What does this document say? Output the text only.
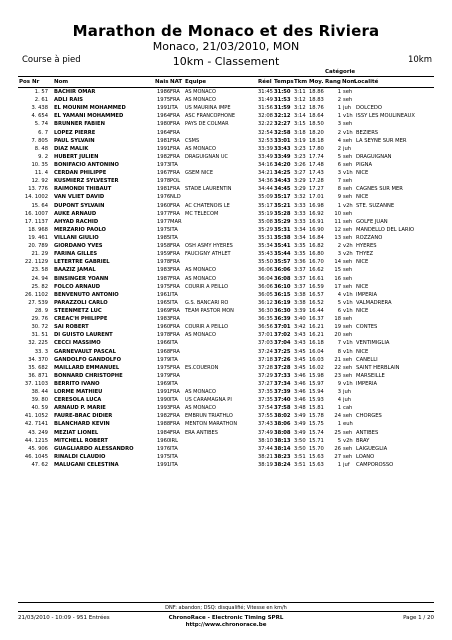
Marathon de Monaco et des Riviera
Monaco, 21/03/2010, MON
Course à pied	10km - Classement	10km
Catégorie
Pos Nr	Nom	Nais NAT Equipe	Réel Temps Tkm Moy. Rang Nom
Localité
1. 57 BACHIR OMAR	1986 FRA	AS MONACO	31:45 31:50 3:11 18.86	1 seh
2. 61 ADLI RAIS	1975 FRA	AS MONACO	31:49 31:53 3:12 18.83	2 seh
3. 438 EL MOUNIM MOHAMMED	1991 ITA	US MAURINA IMPE	31:56 31:59 3:12 18.76	1 juh DOLCEDO
4. 654 EL YAMANI MOHAMMED	1964 FRA	ASC FRANCOPHONE	32:08 32:12 3:14 18.64	1 v1h ISSY LES MOULINEAUX
5. 74 BRUNNER FABIEN	1980 FRA	PAYS DE COLMAR	32:22 32:27 3:15 18.50	3 seh
6. 7 LOPEZ PIERRE	1964 FRA	32:54 32:58 3:18 18.20	2 v1h BEZIERS
7. 805 PAUL SYLVAIN	1981 FRA	CSMS	32:53 33:01 3:19 18.18	4 seh LA SEYNE SUR MER
8. 48 DIAZ MALIK	1991 FRA	AS MONACO	33:39 33:43 3:23 17.80	2 juh
9. 2 HUBERT JULIEN	1982 FRA	DRAGUIGNAN UC	33:49 33:49 3:23 17.74	5 seh DRAGUIGNAN
10. 35 BONIFACIO ANTONINO	1973 ITA	34:16 34:20 3:26 17.48	6 seh PIGNA
11. 4 CERDAN PHILIPPE	1967 FRA	GSEM NICE	34:21 34:25 3:27 17.43	3 v1h NICE
12. 92 KUSMIERZ SYLVESTER	1978 POL	34:36 34:43 3:29 17.28	7 seh
13. 776 RAIMONDI THIBAUT	1981 FRA	STADE LAURENTIN	34:44 34:45 3:29 17.27	8 seh CAGNES SUR MER
14. 1002 VAN VLIET DAVID	1976 NLD	35:09 35:17 3:32 17.01	9 seh NICE
15. 64 DUPONT SYLVAIN	1960 FRA	AC CHATENOIS LE	35:17 35:21 3:33 16.98	1 v2h STE. SUZANNE
16. 1007 AUKE ARNAUD	1977 FRA	MC TELECOM	35:19 35:28 3:33 16.92	10 seh
17. 1137 AHYAD RACHID	1977 MAR	35:08 35:29 3:33 16.91	11 seh GOLFE JUAN
18. 968 MERZARIO PAOLO	1975 ITA	35:29 35:31 3:34 16.90	12 seh MANDELLO DEL LARIO
19. 461 VILLANI GIULIO	1985 ITA	35:31 35:38 3:34 16.84	13 seh ROZZANO
20. 789 GIORDANO YVES	1958 FRA	OSH ASMY HYERES	35:34 35:41 3:35 16.82	2 v2h HYERES
21. 29 FARINA GILLES	1959 FRA	FAUCIGNY ATHLET	35:43 35:44 3:35 16.80	3 v2h THYEZ
22. 1129 LETERTRE GABRIEL	1978 FRA	35:50 35:57 3:36 16.70	14 seh NICE
23. 58 BAAZIZ JAMAL	1983 FRA	AS MONACO	36:06 36:06 3:37 16.62	15 seh
24. 94 BINSINGER YOANN	1987 FRA	AS MONACO	36:04 36:08 3:37 16.61	16 seh
25. 82 FOLCO ARNAUD	1975 FRA	COURIR A PEILLO	36:06 36:10 3:37 16.59	17 seh NICE
26. 1102 BENVENUTO ANTONIO	1961 ITA	36:05 36:15 3:38 16.57	4 v1h IMPERIA
27. 539 PARAZZOLI CARLO	1965 ITA	G.S. BANCARI RO	36:12 36:19 3:38 16.52	5 v1h VALMADRERA
28. 9 STEENMETZ LUC	1969 FRA	TEAM PASTOR MON	36:30 36:30 3:39 16.44	6 v1h NICE
29. 76 CREAC'H PHILIPPE	1983 FRA	36:35 36:39 3:40 16.37	18 seh
30. 72 SAI ROBERT	1960 FRA	COURIR A PEILLO	36:56 37:01 3:42 16.21	19 seh CONTES
31. 51 DI GUISTO LAURENT	1978 FRA	AS MONACO	37:01 37:02 3:43 16.21	20 seh
32. 225 CECCI MASSIMO	1966 ITA	37:03 37:04 3:43 16.18	7 v1h VENTIMIGLIA
33. 3 GARNEVAULT PASCAL	1968 FRA	37:24 37:25 3:45 16.04	8 v1h NICE
34. 370 GANDOLFO GANDOLFO	1979 ITA	37:18 37:26 3:45 16.03	21 seh CANELLI
35. 682 MAILLARD EMMANUEL	1975 FRA	ES.COUERON	37:28 37:28 3:45 16.02	22 seh SAINT HERBLAIN
36. 871 BONNARD CHRISTOPHE	1979 FRA	37:29 37:33 3:46 15.98	23 seh MARSEILLE
37. 1103 BERRITO IVANO	1969 ITA	37:27 37:34 3:46 15.97	9 v1h IMPERIA
38. 44 LORME MATHIEU	1991 FRA	AS MONACO	37:35 37:39 3:46 15.94	3 juh
39. 80 CERESOLA LUCA	1990 ITA	US CARAMAGNA PI	37:35 37:40 3:46 15.93	4 juh
40. 59 ARNAUD P. MARIE	1993 FRA	AS MONACO	37:54 37:58 3:48 15.81	1 cah
41. 1052 FAURE-BRAC DIDIER	1982 FRA	EMBRUN TRIATHLO	37:55 38:02 3:49 15.78	24 seh CHORGES
42. 7141 BLANCHARD KEVIN	1988 FRA	MENTON MARATHON	37:43 38:06 3:49 15.75	1 euh
43. 249 MEZIAT LIONEL	1984 FRA	ERA ANTIBES	37:49 38:08 3:49 15.74	25 seh ANTIBES
44. 1215 MITCHELL ROBERT	1960 IRL	38:10 38:13 3:50 15.71	5 v2h BRAY
45. 906 GUAGLIARDO ALESSANDRO	1976 ITA	37:44 38:14 3:50 15.70	26 seh LAIGUEGLIA
46. 1045 RINALDI CLAUDIO	1975 ITA	38:21 38:23 3:51 15.63	27 seh LOANO
47. 62 MALUGANI CELESTINA	1991 ITA	38:19 38:24 3:51 15.63	1 juf	CAMPOROSSO
DNF: abandon; DSQ: disqualifié; Vitesse en km/h
21/03/2010 - 10:09 - 951 Entrées	ChronoRace - Electronic Timing SPRL
http://www.chronorace.be
Page 1 / 20
